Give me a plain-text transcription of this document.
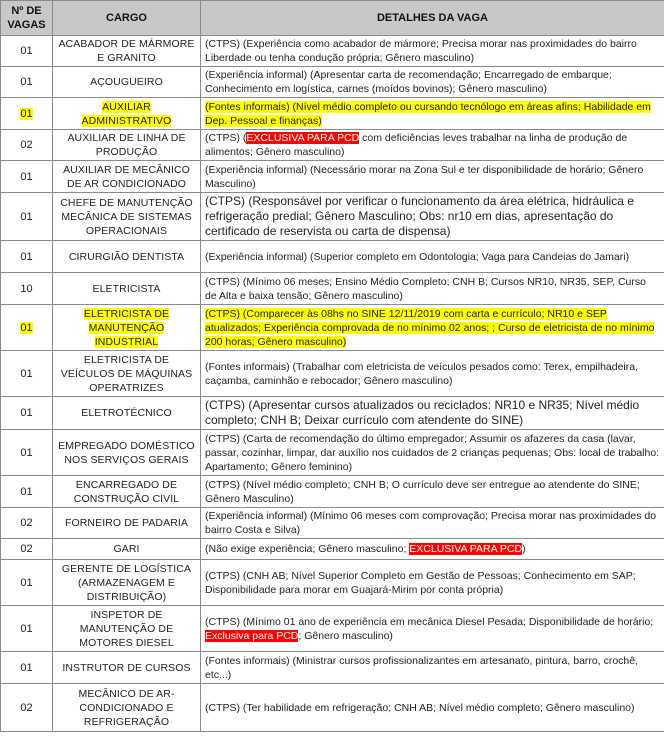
Nº DE VAGAS	CARGO	DETALHES DA VAGA
01	ACABADOR DE MÁRMORE E GRANITO	(CTPS) (Experiência como acabador de mármore; Precisa morar nas proximidades do bairro Liberdade ou tenha condução própria; Gênero masculino)
01	AÇOUGUEIRO	(Experiência informal) (Apresentar carta de recomendação; Encarregado de embarque; Conhecimento em logística, carnes (moídos bovinos); Gênero masculino)
01	AUXILIAR ADMINISTRATIVO	(Fontes informais) (Nível médio completo ou cursando tecnólogo em áreas afins; Habilidade em Dep. Pessoal e finanças)
02	AUXILIAR DE LINHA DE PRODUÇÃO	(CTPS) (EXCLUSIVA PARA PCD com deficiências leves trabalhar na linha de produção de alimentos; Gênero masculino)
01	AUXILIAR DE MECÂNICO DE AR CONDICIONADO	(Experiência informal) (Necessário morar na Zona Sul e ter disponibilidade de horário; Gênero Masculino)
01	CHEFE DE MANUTENÇÃO MECÂNICA DE SISTEMAS OPERACIONAIS	(CTPS) (Responsável por verificar o funcionamento da área elétrica, hidráulica e refrigeração predial; Gênero Masculino; Obs: nr10 em dias, apresentação do certificado de reservista ou carta de dispensa)
01	CIRURGIÃO DENTISTA	(Experiência informal) (Superior completo em Odontologia; Vaga para Candeias do Jamari)
10	ELETRICISTA	(CTPS) (Mínimo 06 meses; Ensino Médio Completo; CNH B; Cursos NR10, NR35, SEP, Curso de Alta e baixa tensão; Gênero masculino)
01	ELETRICISTA DE MANUTENÇÃO INDUSTRIAL	(CTPS) (Comparecer às 08hs no SINE 12/11/2019 com carta e currículo; NR10 e SEP atualizados; Experiência comprovada de no mínimo 02 anos; ; Curso de eletricista de no mínimo 200 horas; Gênero masculino)
01	ELETRICISTA DE VEÍCULOS DE MÁQUINAS OPERATRIZES	(Fontes informais) (Trabalhar com eletricista de veículos pesados como: Terex, empilhadeira, caçamba, caminhão e rebocador; Gênero masculino)
01	ELETROTÉCNICO	(CTPS) (Apresentar cursos atualizados ou reciclados: NR10 e NR35; Nível médio completo; CNH B; Deixar currículo com atendente do SINE)
01	EMPREGADO DOMÉSTICO NOS SERVIÇOS GERAIS	(CTPS) (Carta de recomendação do último empregador; Assumir os afazeres da casa (lavar, passar, cozinhar, limpar, dar auxílio nos cuidados de 2 crianças pequenas; Obs: local de trabalho: Apartamento; Gênero feminino)
01	ENCARREGADO DE CONSTRUÇÃO CIVIL	(CTPS) (Nível médio completo; CNH B; O currículo deve ser entregue ao atendente do SINE; Gênero Masculino)
02	FORNEIRO DE PADARIA	(Experiência informal) (Mínimo 06 meses com comprovação; Precisa morar nas proximidades do bairro Costa e Silva)
02	GARI	(Não exige experiência; Gênero masculino; EXCLUSIVA PARA PCD)
01	GERENTE DE LOGÍSTICA (ARMAZENAGEM E DISTRIBUIÇÃO)	(CTPS) (CNH AB; Nível Superior Completo em Gestão de Pessoas; Conhecimento em SAP; Disponibilidade para morar em Guajará-Mirim por conta própria)
01	INSPETOR DE MANUTENÇÃO DE MOTORES DIESEL	(CTPS) (Mínimo 01 ano de experiência em mecânica Diesel Pesada; Disponibilidade de horário; Exclusiva para PCD; Gênero masculino)
01	INSTRUTOR DE CURSOS	(Fontes informais) (Ministrar cursos profissionalizantes em artesanato, pintura, barro, crochê, etc...)
02	MECÂNICO DE AR-CONDICIONADO E REFRIGERAÇÃO	(CTPS) (Ter habilidade em refrigeração; CNH AB; Nível médio completo; Gênero masculino)
